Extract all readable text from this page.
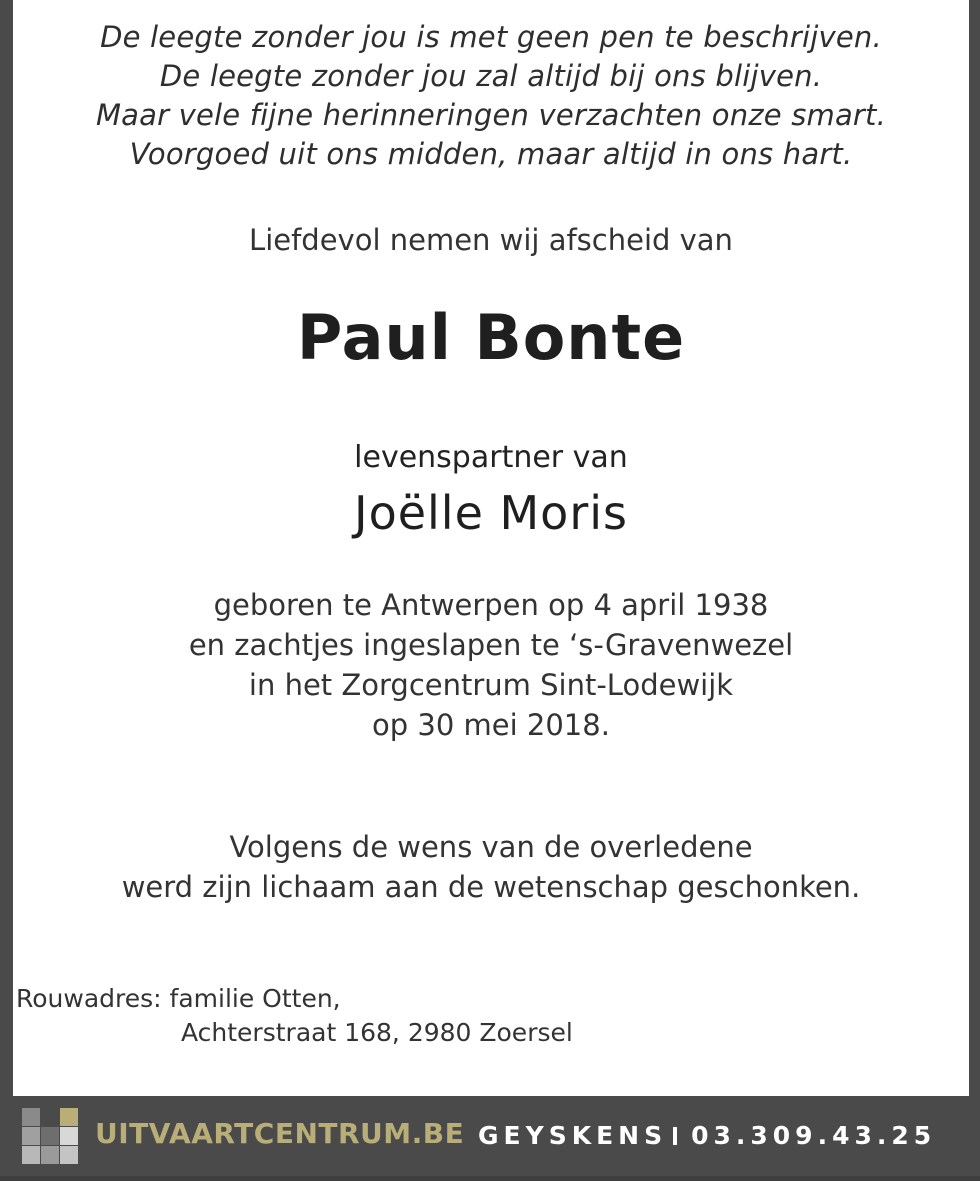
De leegte zonder jou is met geen pen te beschrijven.
De leegte zonder jou zal altijd bij ons blijven.
Maar vele fijne herinneringen verzachten onze smart.
Voorgoed uit ons midden, maar altijd in ons hart.
Liefdevol nemen wij afscheid van
Paul Bonte
levenspartner van
Joëlle Moris
geboren te Antwerpen op 4 april 1938
en zachtjes ingeslapen te ‘s-Gravenwezel
in het Zorgcentrum Sint-Lodewijk
op 30 mei 2018.
Volgens de wens van de overledene
werd zijn lichaam aan de wetenschap geschonken.
Rouwadres: familie Otten,
Achterstraat 168, 2980 Zoersel
UITVAARTCENTRUM.BE GEYSKENS 03.309.43.25
